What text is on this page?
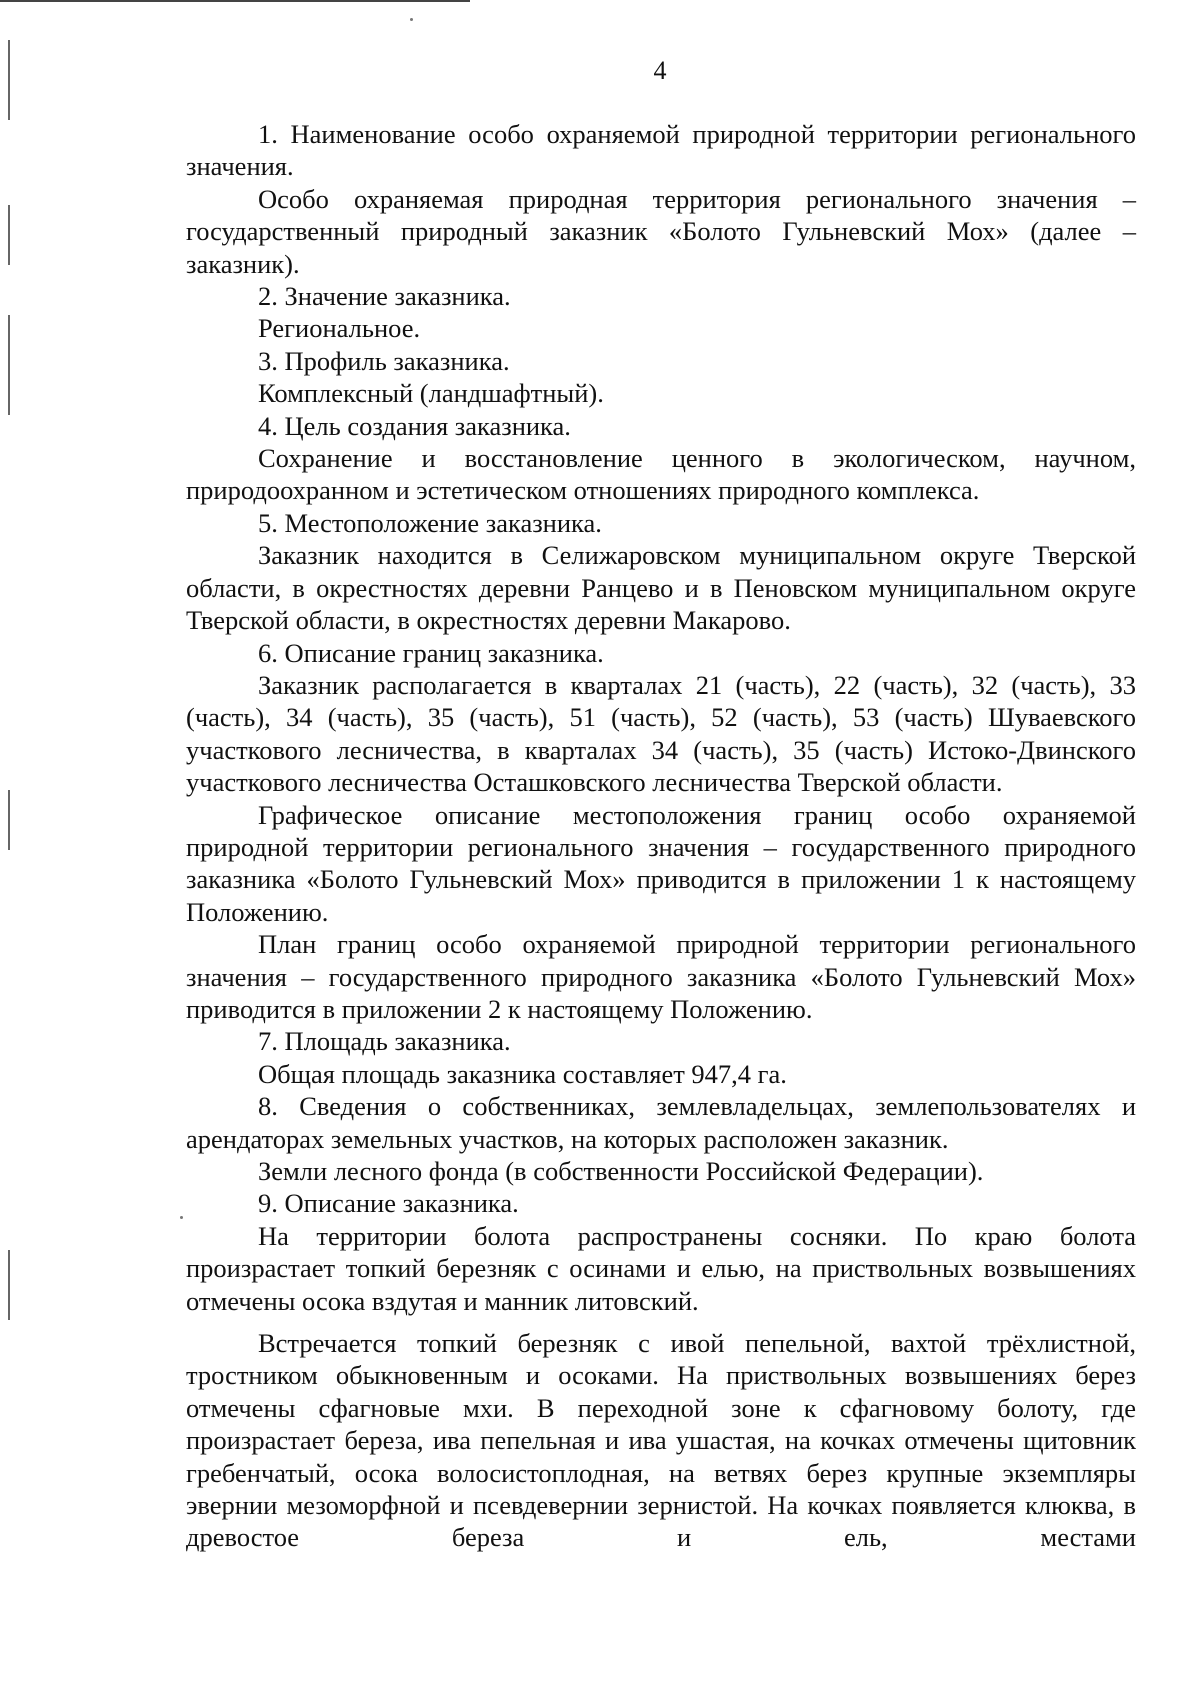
4

1. Наименование особо охраняемой природной территории регионального значения.

Особо охраняемая природная территория регионального значения – государственный природный заказник «Болото Гульневский Мох» (далее – заказник).

2. Значение заказника.

Региональное.

3. Профиль заказника.

Комплексный (ландшафтный).

4. Цель создания заказника.

Сохранение и восстановление ценного в экологическом, научном, природоохранном и эстетическом отношениях природного комплекса.

5. Местоположение заказника.

Заказник находится в Селижаровском муниципальном округе Тверской области, в окрестностях деревни Ранцево и в Пеновском муниципальном округе Тверской области, в окрестностях деревни Макарово.

6. Описание границ заказника.

Заказник располагается в кварталах 21 (часть), 22 (часть), 32 (часть), 33 (часть), 34 (часть), 35 (часть), 51 (часть), 52 (часть), 53 (часть) Шуваевского участкового лесничества, в кварталах 34 (часть), 35 (часть) Истоко-Двинского участкового лесничества Осташковского лесничества Тверской области.

Графическое описание местоположения границ особо охраняемой природной территории регионального значения – государственного природного заказника «Болото Гульневский Мох» приводится в приложении 1 к настоящему Положению.

План границ особо охраняемой природной территории регионального значения – государственного природного заказника «Болото Гульневский Мох» приводится в приложении 2 к настоящему Положению.

7. Площадь заказника.

Общая площадь заказника составляет 947,4 га.

8. Сведения о собственниках, землевладельцах, землепользователях и арендаторах земельных участков, на которых расположен заказник.

Земли лесного фонда (в собственности Российской Федерации).

9. Описание заказника.

На территории болота распространены сосняки. По краю болота произрастает топкий березняк с осинами и елью, на приствольных возвышениях отмечены осока вздутая и манник литовский.

Встречается топкий березняк с ивой пепельной, вахтой трёхлистной, тростником обыкновенным и осоками. На приствольных возвышениях берез отмечены сфагновые мхи. В переходной зоне к сфагновому болоту, где произрастает береза, ива пепельная и ива ушастая, на кочках отмечены щитовник гребенчатый, осока волосистоплодная, на ветвях берез крупные экземпляры эвернии мезоморфной и псевдевернии зернистой. На кочках появляется клюква, в древостое береза и ель, местами
